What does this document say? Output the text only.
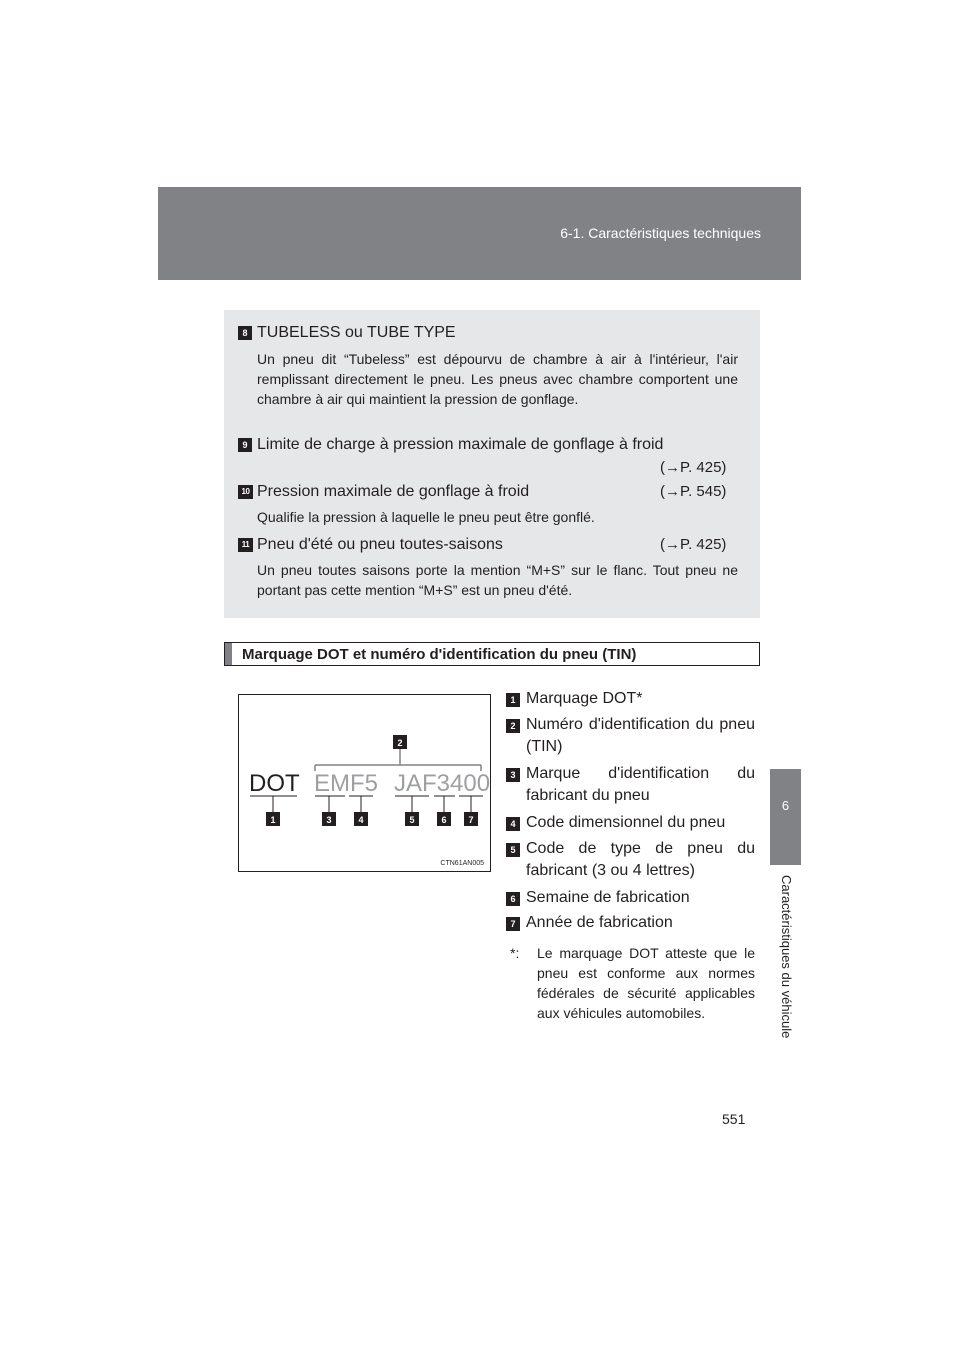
6-1. Caractéristiques techniques
6
Caractéristiques du véhicule
8 TUBELESS ou TUBE TYPE
Un pneu dit “Tubeless” est dépourvu de chambre à air à l'intérieur, l'air remplissant directement le pneu. Les pneus avec chambre comportent une chambre à air qui maintient la pression de gonflage.
9 Limite de charge à pression maximale de gonflage à froid
(→P. 425)
10 Pression maximale de gonflage à froid	(→P. 545)
Qualifie la pression à laquelle le pneu peut être gonflé.
11 Pneu d'été ou pneu toutes-saisons	(→P. 425)
Un pneu toutes saisons porte la mention “M+S” sur le flanc. Tout pneu ne portant pas cette mention “M+S” est un pneu d'été.
Marquage DOT et numéro d'identification du pneu (TIN)
DOT EMF5 JAF3400
2
1	3	4	5	6 7
CTN61AN005
1 Marquage DOT*
2 Numéro d'identification du pneu (TIN)
3 Marque d'identification du fabricant du pneu
4 Code dimensionnel du pneu
5 Code de type de pneu du fabricant (3 ou 4 lettres)
6 Semaine de fabrication
7 Année de fabrication
*: Le marquage DOT atteste que le pneu est conforme aux normes fédérales de sécurité applicables aux véhicules automobiles.
551
